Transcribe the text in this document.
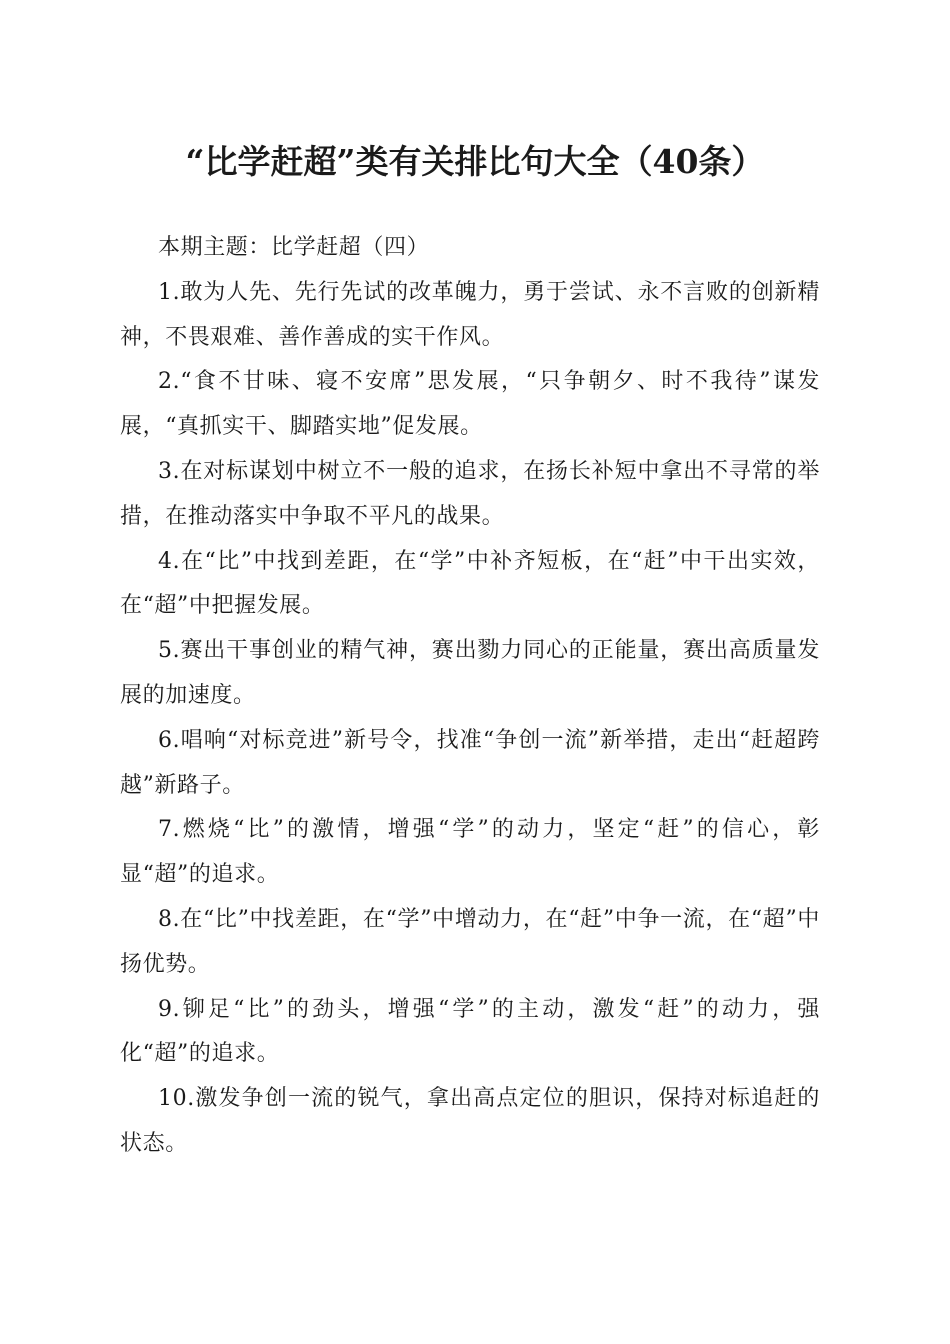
“比学赶超”类有关排比句大全（40条）

本期主题：比学赶超（四）

1.敢为人先、先行先试的改革魄力，勇于尝试、永不言败的创新精神，不畏艰难、善作善成的实干作风。

2.“食不甘味、寝不安席”思发展，“只争朝夕、时不我待”谋发展，“真抓实干、脚踏实地”促发展。

3.在对标谋划中树立不一般的追求，在扬长补短中拿出不寻常的举措，在推动落实中争取不平凡的战果。

4.在“比”中找到差距，在“学”中补齐短板，在“赶”中干出实效，在“超”中把握发展。

5.赛出干事创业的精气神，赛出勠力同心的正能量，赛出高质量发展的加速度。

6.唱响“对标竞进”新号令，找准“争创一流”新举措，走出“赶超跨越”新路子。

7.燃烧“比”的激情，增强“学”的动力，坚定“赶”的信心，彰显“超”的追求。

8.在“比”中找差距，在“学”中增动力，在“赶”中争一流，在“超”中扬优势。

9.铆足“比”的劲头，增强“学”的主动，激发“赶”的动力，强化“超”的追求。

10.激发争创一流的锐气，拿出高点定位的胆识，保持对标追赶的状态。
